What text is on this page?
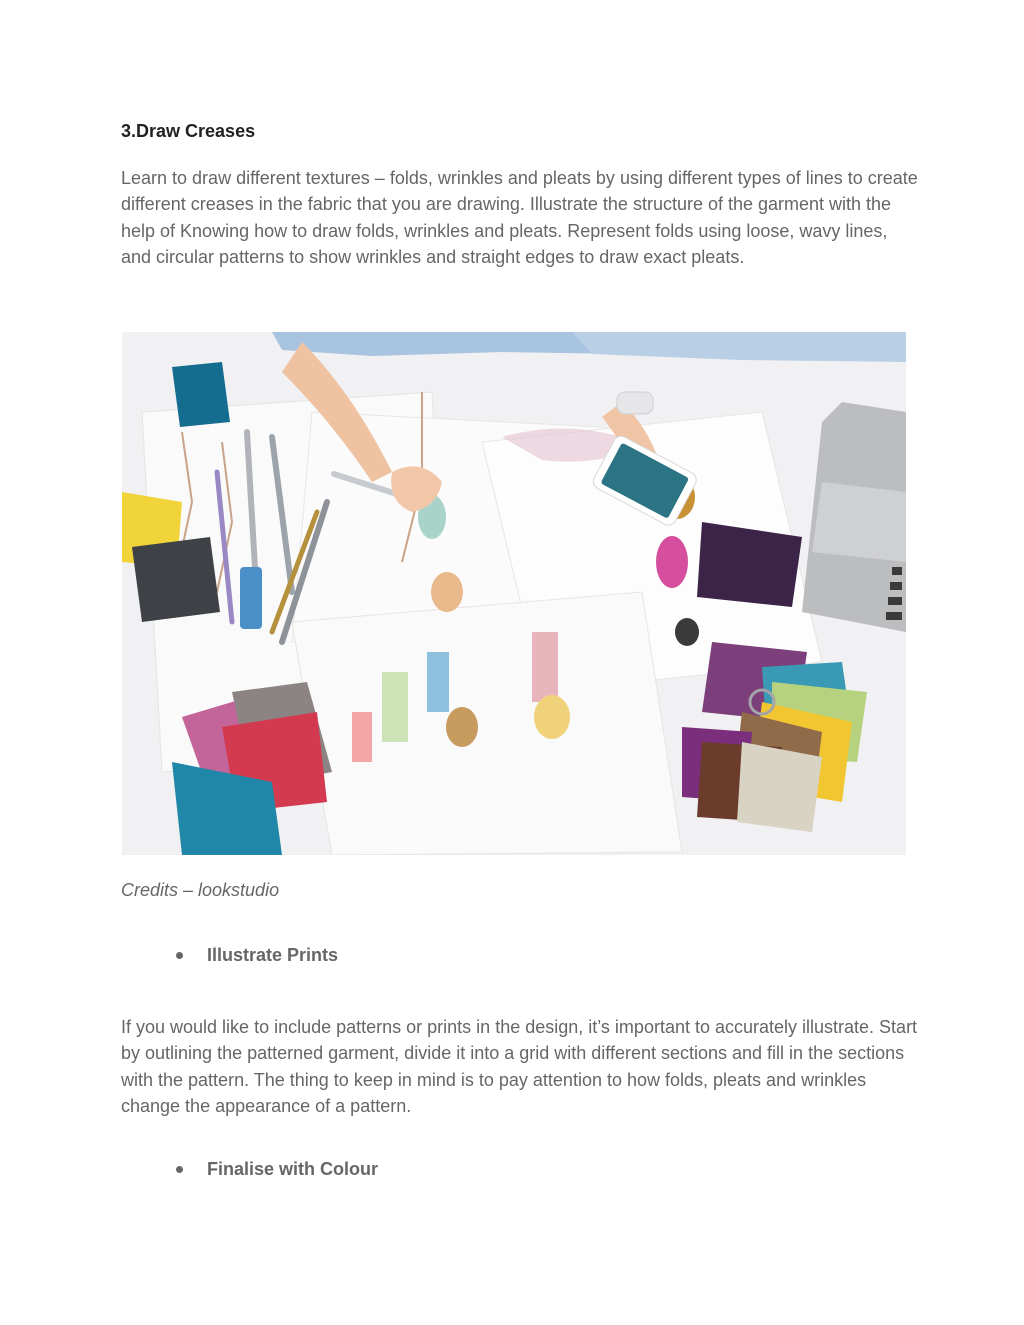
3.Draw Creases

Learn to draw different textures – folds, wrinkles and pleats by using different types of lines to create different creases in the fabric that you are drawing. Illustrate the structure of the garment with the help of Knowing how to draw folds, wrinkles and pleats. Represent folds using loose, wavy lines, and circular patterns to show wrinkles and straight edges to draw exact pleats.

Credits – lookstudio

Illustrate Prints

If you would like to include patterns or prints in the design, it’s important to accurately illustrate. Start by outlining the patterned garment, divide it into a grid with different sections and fill in the sections with the pattern. The thing to keep in mind is to pay attention to how folds, pleats and wrinkles change the appearance of a pattern.

Finalise with Colour
